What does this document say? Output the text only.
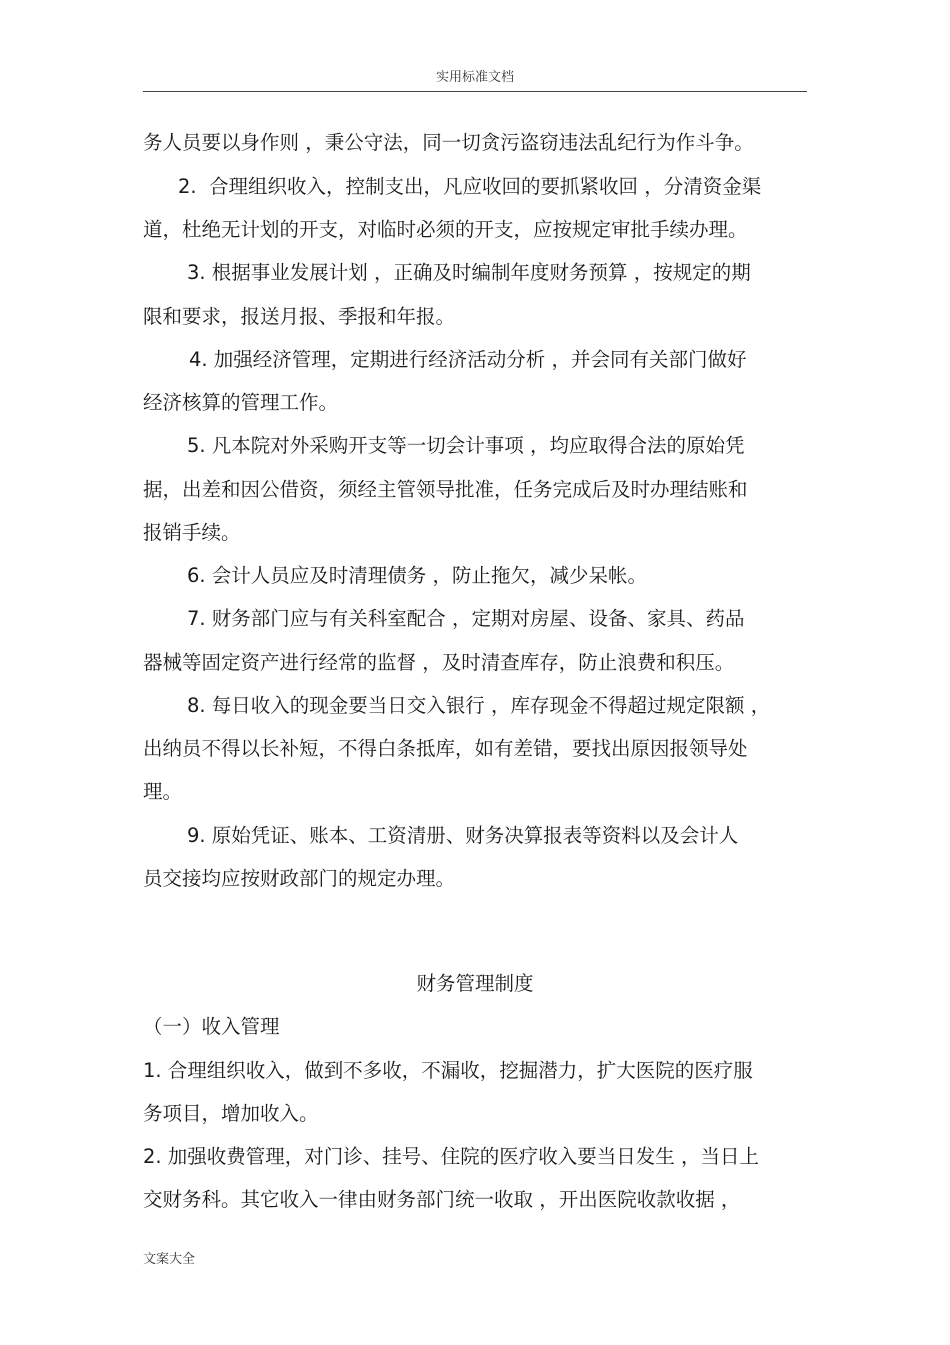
实用标准文档
务人员要以身作则 ，秉公守法，同一切贪污盗窃违法乱纪行为作斗争。
2.  合理组织收入，控制支出，凡应收回的要抓紧收回 ，分清资金渠
道，杜绝无计划的开支，对临时必须的开支，应按规定审批手续办理。
3. 根据事业发展计划 ，正确及时编制年度财务预算 ，按规定的期
限和要求，报送月报、季报和年报。
4. 加强经济管理，定期进行经济活动分析 ，并会同有关部门做好
经济核算的管理工作。
5. 凡本院对外采购开支等一切会计事项 ，均应取得合法的原始凭
据，出差和因公借资，须经主管领导批准，任务完成后及时办理结账和
报销手续。
6. 会计人员应及时清理债务 ，防止拖欠，减少呆帐。
7. 财务部门应与有关科室配合 ，定期对房屋、设备、家具、药品
器械等固定资产进行经常的监督 ，及时清查库存，防止浪费和积压。
8. 每日收入的现金要当日交入银行 ，库存现金不得超过规定限额 ，
出纳员不得以长补短，不得白条抵库，如有差错，要找出原因报领导处
理。
9. 原始凭证、账本、工资清册、财务决算报表等资料以及会计人
员交接均应按财政部门的规定办理。
财务管理制度
（一）收入管理
1. 合理组织收入，做到不多收，不漏收，挖掘潜力，扩大医院的医疗服
务项目，增加收入。
2. 加强收费管理，对门诊、挂号、住院的医疗收入要当日发生 ，当日上
交财务科。其它收入一律由财务部门统一收取 ，开出医院收款收据 ，
文案大全
